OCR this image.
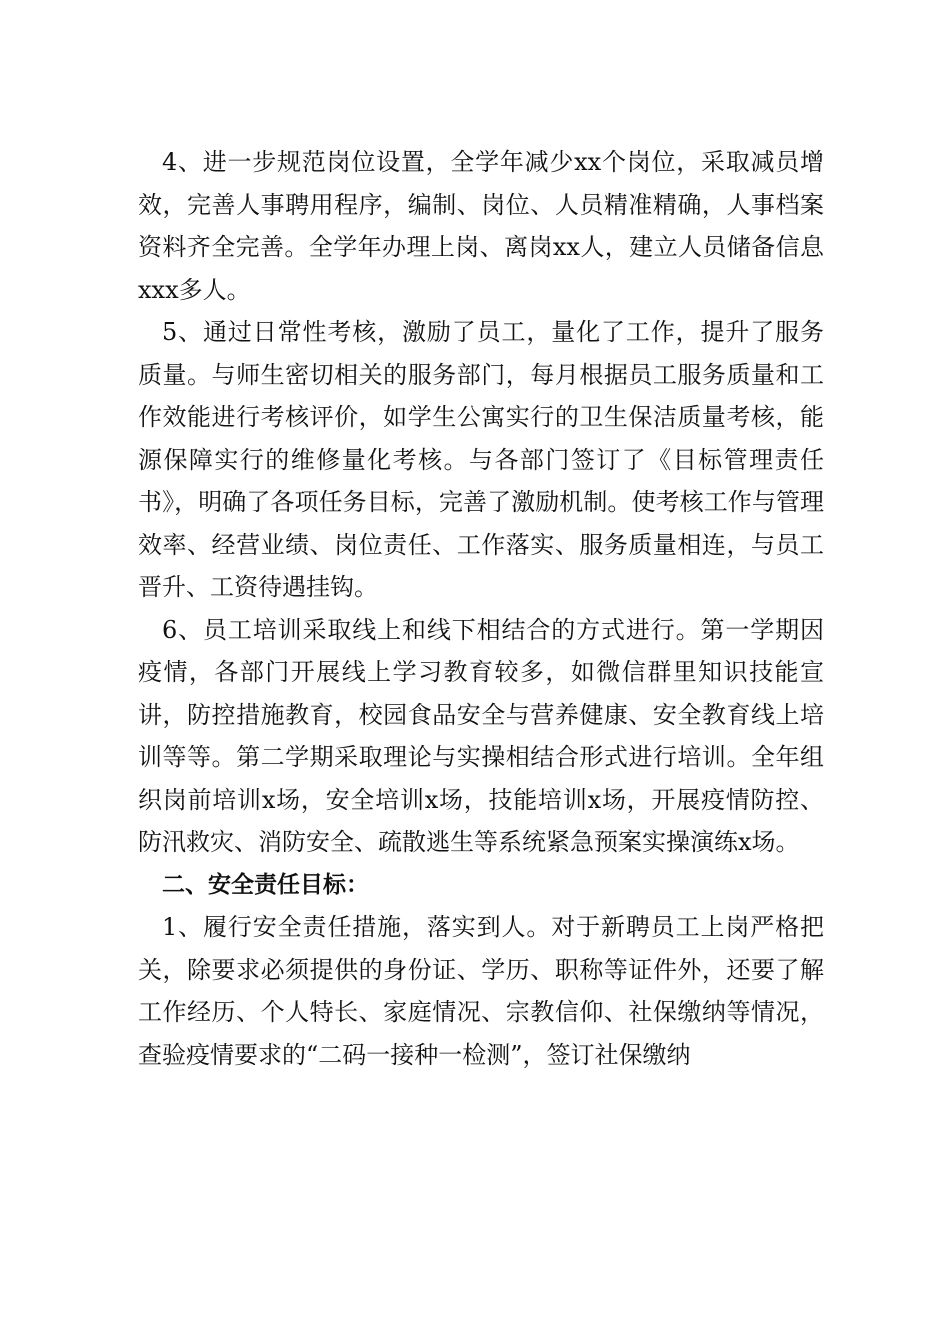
4、进一步规范岗位设置，全学年减少xx个岗位，采取减员增效，完善人事聘用程序，编制、岗位、人员精准精确，人事档案资料齐全完善。全学年办理上岗、离岗xx人，建立人员储备信息xxx多人。

5、通过日常性考核，激励了员工，量化了工作，提升了服务质量。与师生密切相关的服务部门，每月根据员工服务质量和工作效能进行考核评价，如学生公寓实行的卫生保洁质量考核，能源保障实行的维修量化考核。与各部门签订了《目标管理责任书》，明确了各项任务目标，完善了激励机制。使考核工作与管理效率、经营业绩、岗位责任、工作落实、服务质量相连，与员工晋升、工资待遇挂钩。

6、员工培训采取线上和线下相结合的方式进行。第一学期因疫情，各部门开展线上学习教育较多，如微信群里知识技能宣讲，防控措施教育，校园食品安全与营养健康、安全教育线上培训等等。第二学期采取理论与实操相结合形式进行培训。全年组织岗前培训x场，安全培训x场，技能培训x场，开展疫情防控、防汛救灾、消防安全、疏散逃生等系统紧急预案实操演练x场。

二、安全责任目标：

1、履行安全责任措施，落实到人。对于新聘员工上岗严格把关，除要求必须提供的身份证、学历、职称等证件外，还要了解工作经历、个人特长、家庭情况、宗教信仰、社保缴纳等情况，查验疫情要求的“二码一接种一检测”，签订社保缴纳
